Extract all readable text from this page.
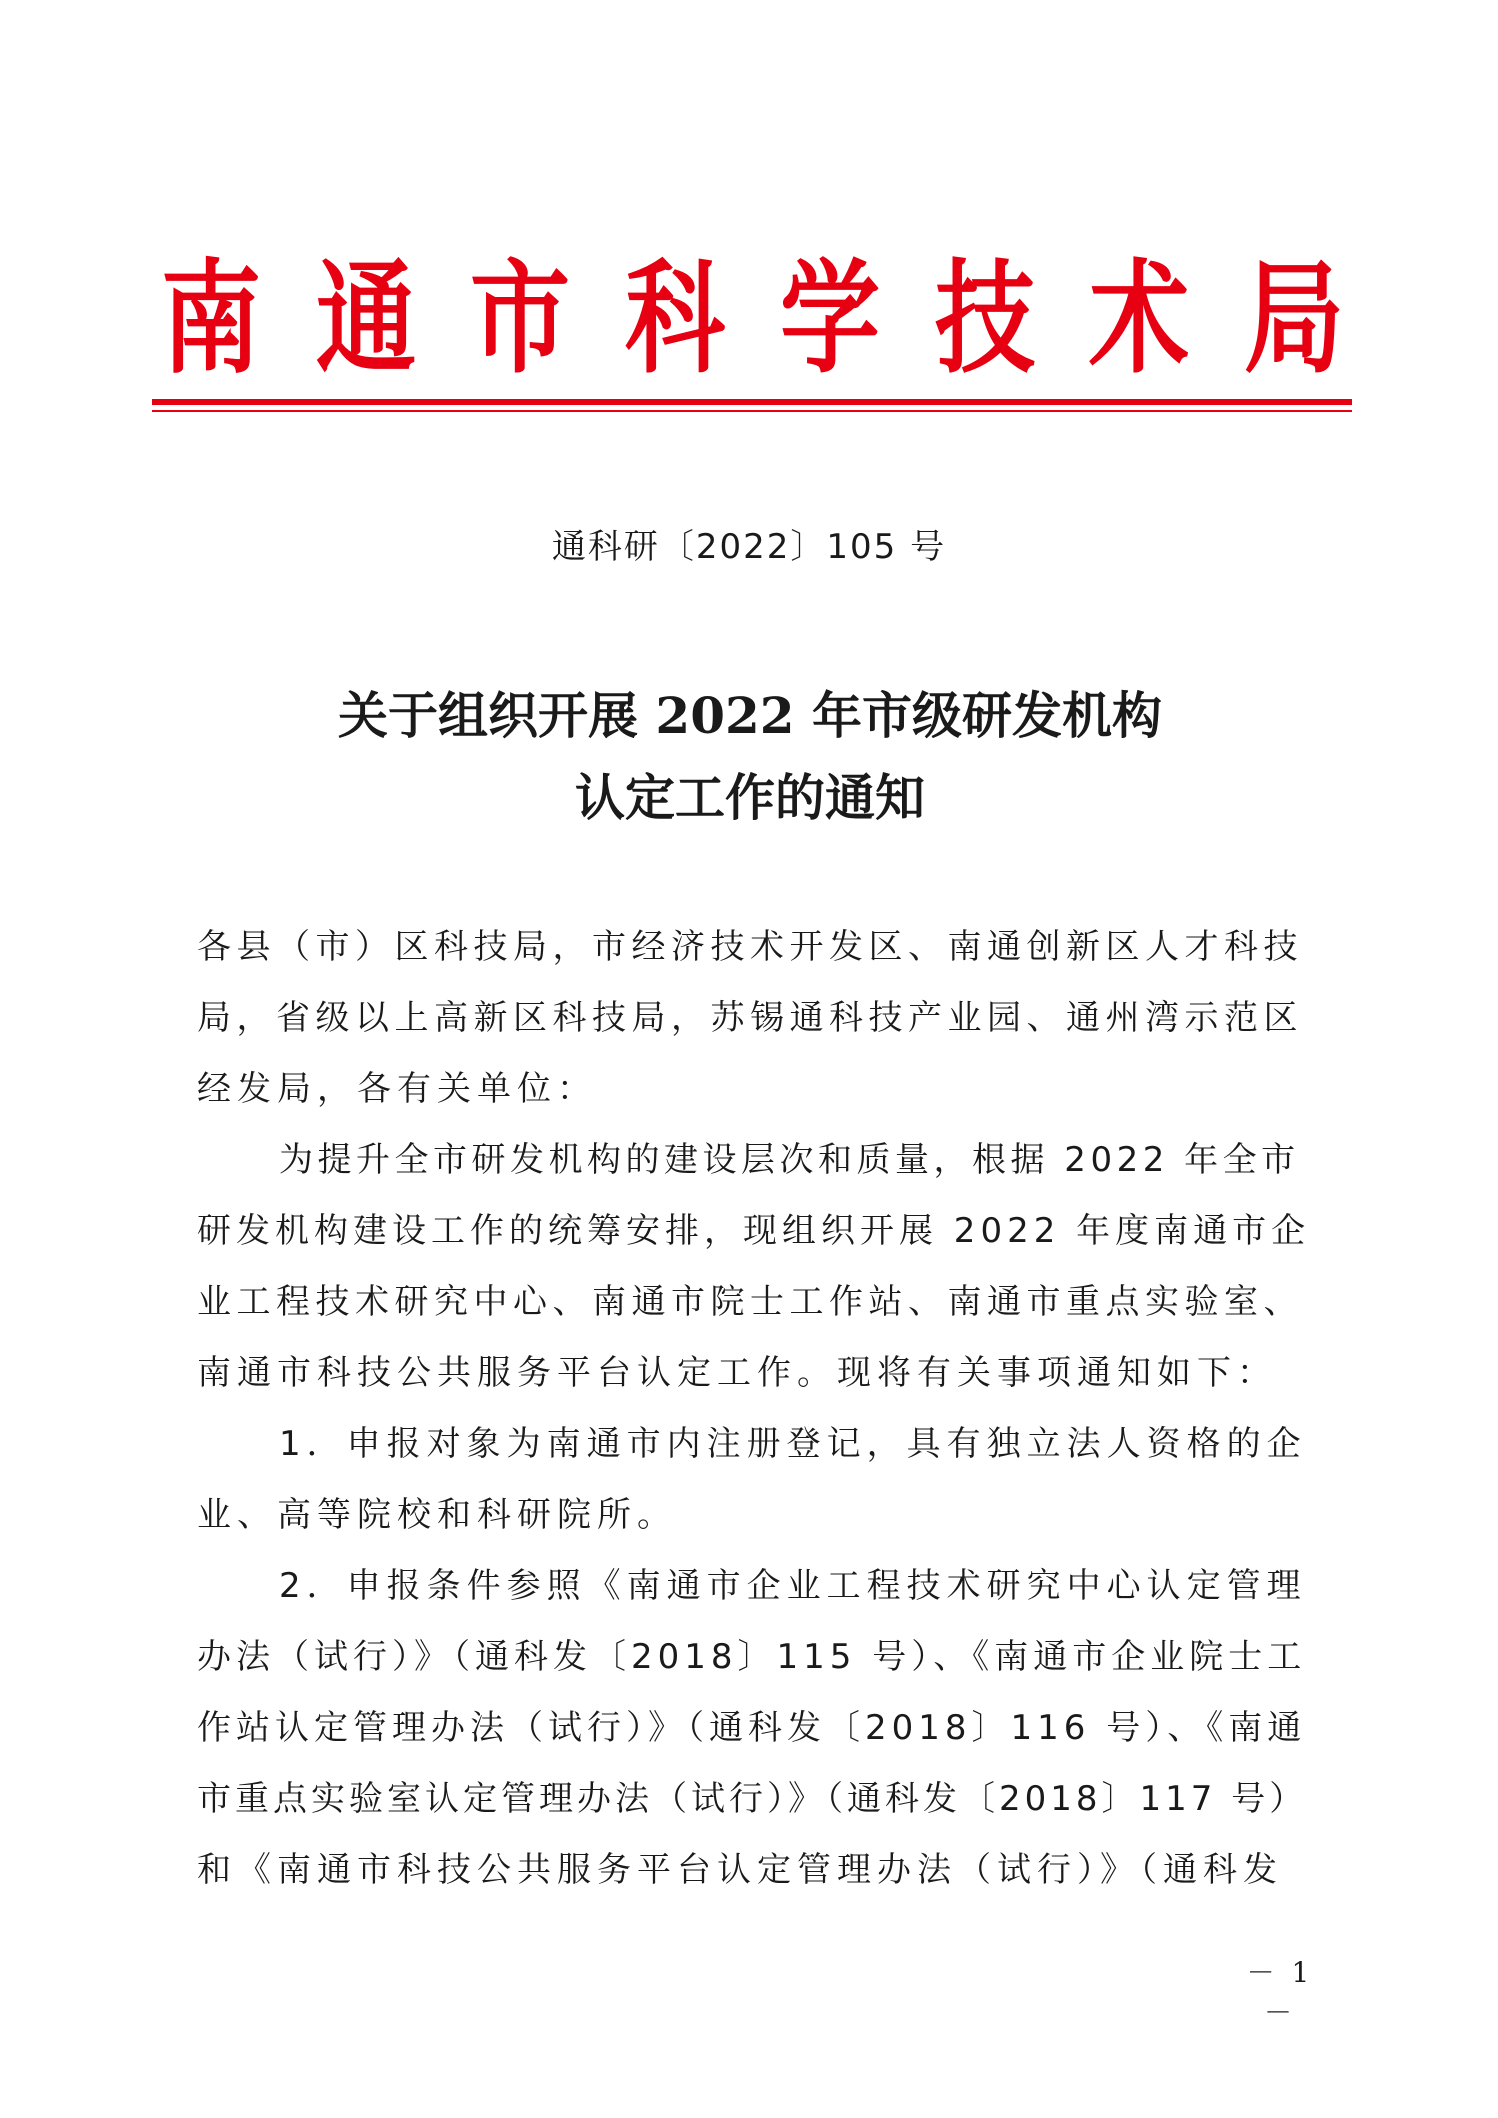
南 通 市 科 学 技 术 局
通科研〔2022〕105 号
关于组织开展 2022 年市级研发机构
认定工作的通知
各县（市）区科技局，市经济技术开发区、南通创新区人才科技
局，省级以上高新区科技局，苏锡通科技产业园、通州湾示范区
经发局，各有关单位：
为提升全市研发机构的建设层次和质量，根据 2022 年全市
研发机构建设工作的统筹安排，现组织开展 2022 年度南通市企
业工程技术研究中心、南通市院士工作站、南通市重点实验室、
南通市科技公共服务平台认定工作。现将有关事项通知如下：
1．申报对象为南通市内注册登记，具有独立法人资格的企
业、高等院校和科研院所。
2．申报条件参照《南通市企业工程技术研究中心认定管理
办法（试行）》（通科发〔2018〕115 号）、《南通市企业院士工
作站认定管理办法（试行）》（通科发〔2018〕116 号）、《南通
市重点实验室认定管理办法（试行）》（通科发〔2018〕117 号）
和《南通市科技公共服务平台认定管理办法（试行）》（通科发
－ 1 －
